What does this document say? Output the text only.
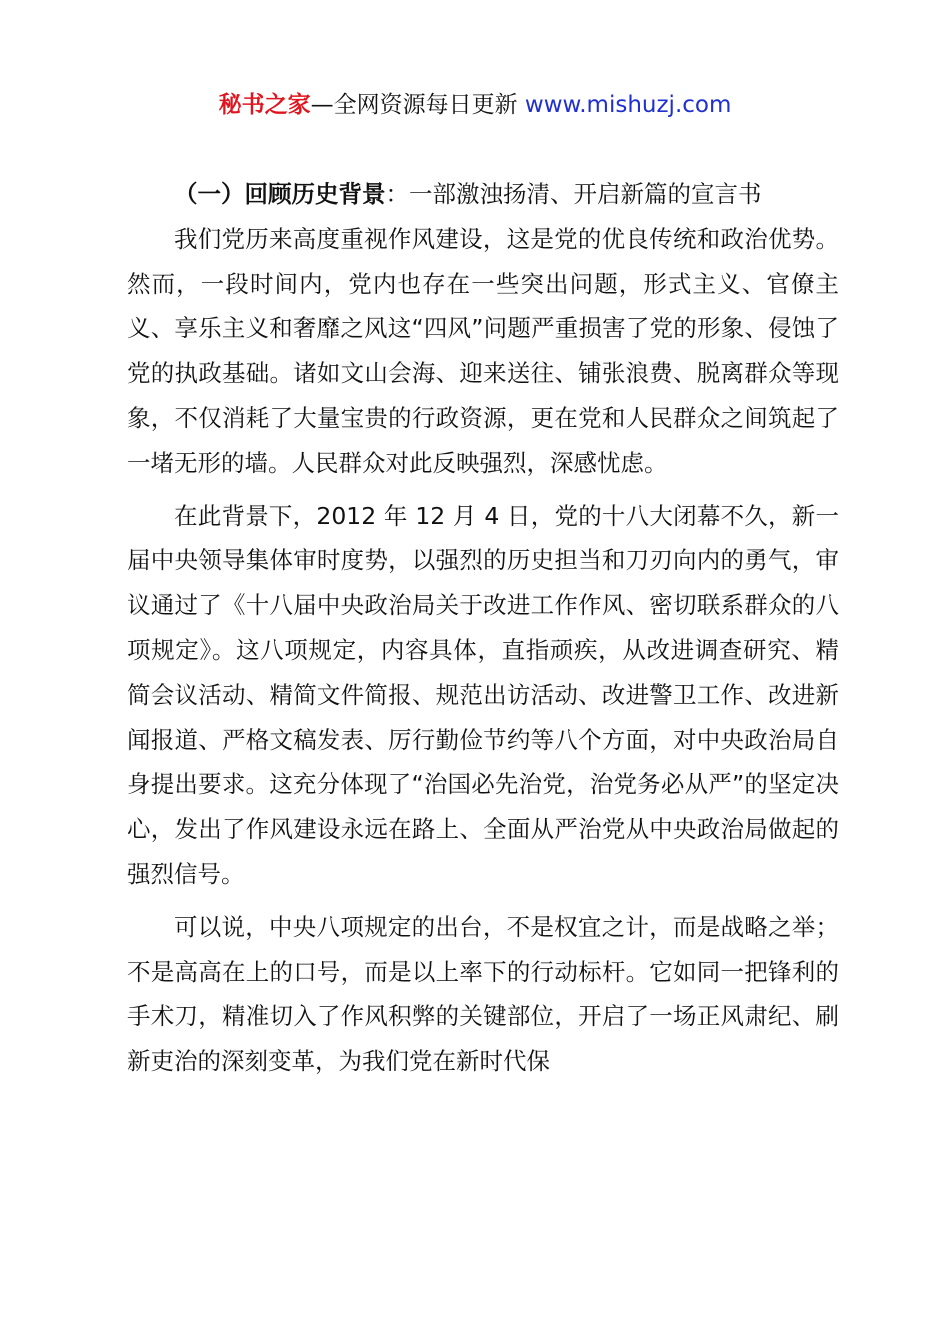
秘书之家—全网资源每日更新 www.mishuzj.com

（一）回顾历史背景：一部激浊扬清、开启新篇的宣言书

我们党历来高度重视作风建设，这是党的优良传统和政治优势。然而，一段时间内，党内也存在一些突出问题，形式主义、官僚主义、享乐主义和奢靡之风这“四风”问题严重损害了党的形象、侵蚀了党的执政基础。诸如文山会海、迎来送往、铺张浪费、脱离群众等现象，不仅消耗了大量宝贵的行政资源，更在党和人民群众之间筑起了一堵无形的墙。人民群众对此反映强烈，深感忧虑。

在此背景下，2012 年 12 月 4 日，党的十八大闭幕不久，新一届中央领导集体审时度势，以强烈的历史担当和刀刃向内的勇气，审议通过了《十八届中央政治局关于改进工作作风、密切联系群众的八项规定》。这八项规定，内容具体，直指顽疾，从改进调查研究、精简会议活动、精简文件简报、规范出访活动、改进警卫工作、改进新闻报道、严格文稿发表、厉行勤俭节约等八个方面，对中央政治局自身提出要求。这充分体现了“治国必先治党，治党务必从严”的坚定决心，发出了作风建设永远在路上、全面从严治党从中央政治局做起的强烈信号。

可以说，中央八项规定的出台，不是权宜之计，而是战略之举；不是高高在上的口号，而是以上率下的行动标杆。它如同一把锋利的手术刀，精准切入了作风积弊的关键部位，开启了一场正风肃纪、刷新吏治的深刻变革，为我们党在新时代保
